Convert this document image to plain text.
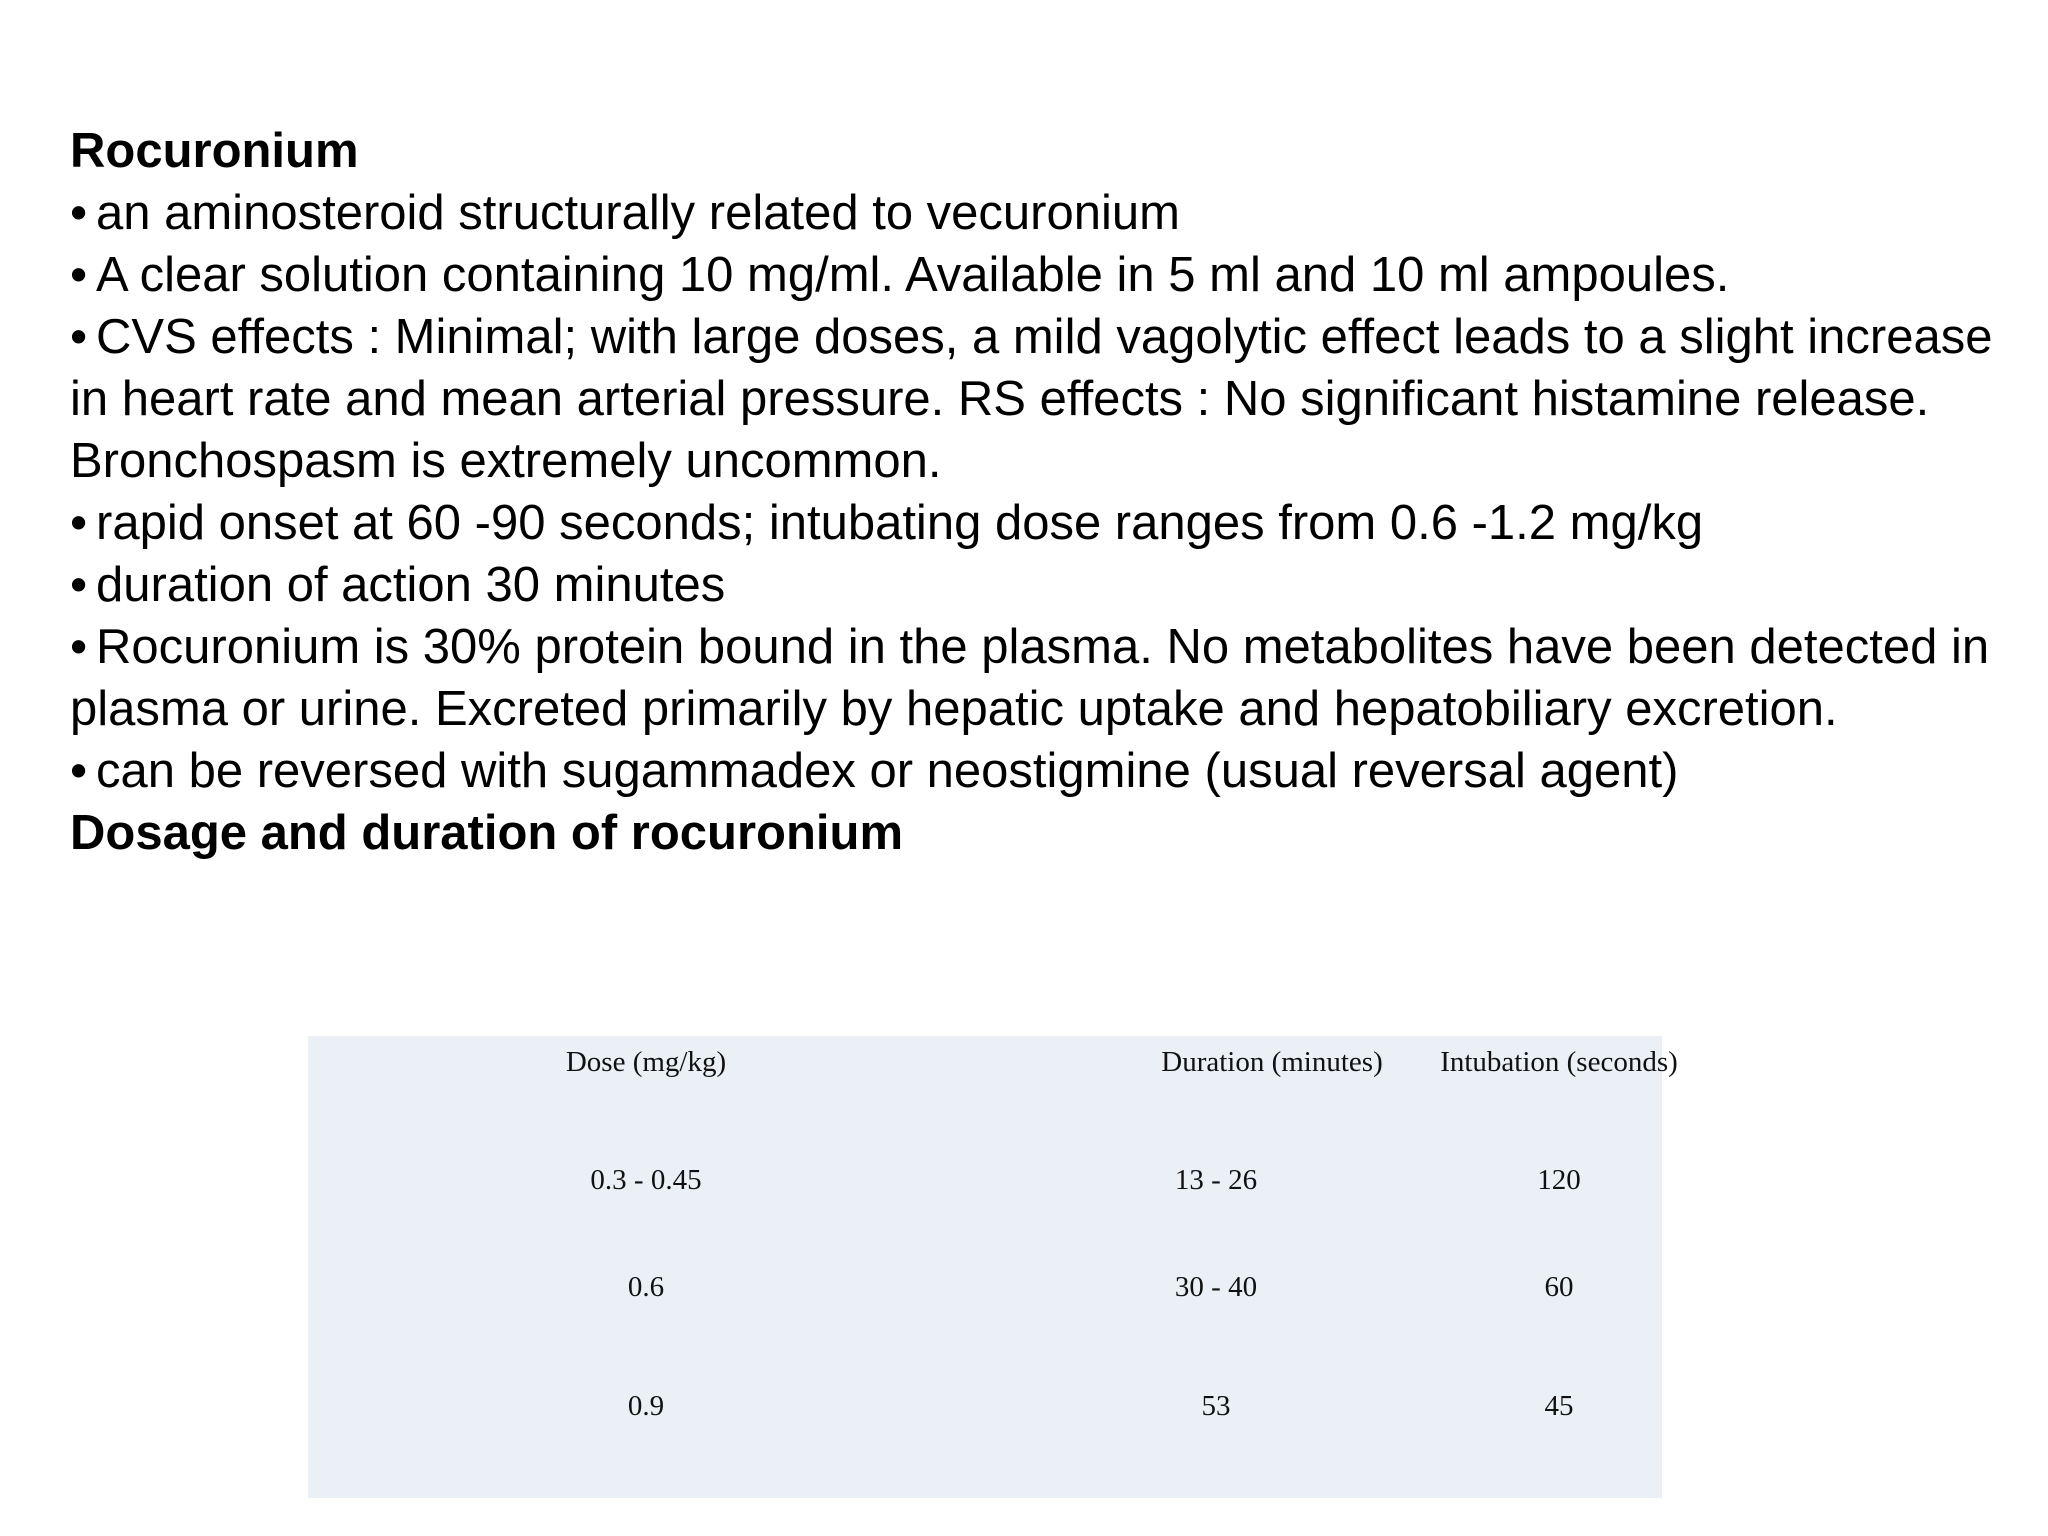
Rocuronium
• an aminosteroid structurally related to vecuronium
• A clear solution containing 10 mg/ml. Available in 5 ml and 10 ml ampoules.
• CVS effects : Minimal; with large doses, a mild vagolytic effect leads to a slight increase in heart rate and mean arterial pressure. RS effects : No significant histamine release. Bronchospasm is extremely uncommon.
• rapid onset at 60 -90 seconds; intubating dose ranges from 0.6 -1.2 mg/kg
• duration of action 30 minutes
• Rocuronium is 30% protein bound in the plasma. No metabolites have been detected in plasma or urine. Excreted primarily by hepatic uptake and hepatobiliary excretion.
• can be reversed with sugammadex or neostigmine (usual reversal agent)
Dosage and duration of rocuronium
Dose (mg/kg)	Duration (minutes)	Intubation (seconds)
0.3 - 0.45	13 - 26	120
0.6	30 - 40	60
0.9	53	45
